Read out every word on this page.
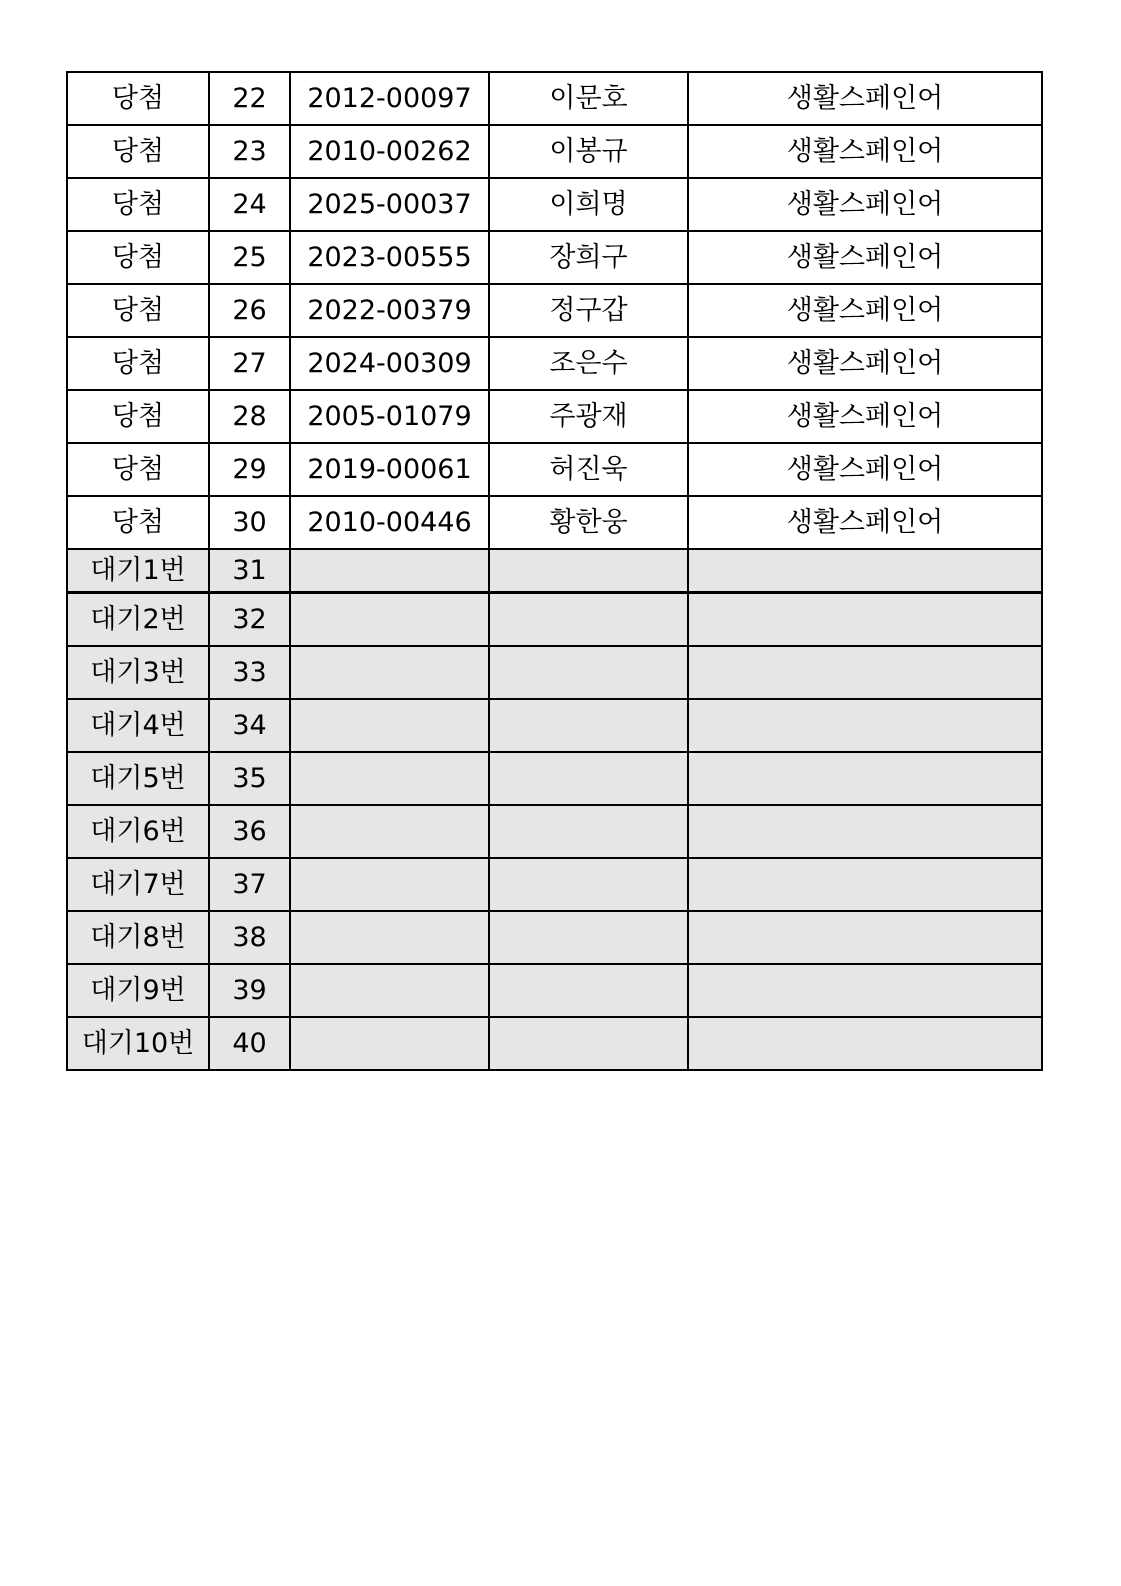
당첨	22	2012-00097	이문호	생활스페인어
당첨	23	2010-00262	이봉규	생활스페인어
당첨	24	2025-00037	이희명	생활스페인어
당첨	25	2023-00555	장희구	생활스페인어
당첨	26	2022-00379	정구갑	생활스페인어
당첨	27	2024-00309	조은수	생활스페인어
당첨	28	2005-01079	주광재	생활스페인어
당첨	29	2019-00061	허진욱	생활스페인어
당첨	30	2010-00446	황한웅	생활스페인어
대기1번	31			
대기2번	32			
대기3번	33			
대기4번	34			
대기5번	35			
대기6번	36			
대기7번	37			
대기8번	38			
대기9번	39			
대기10번	40			
